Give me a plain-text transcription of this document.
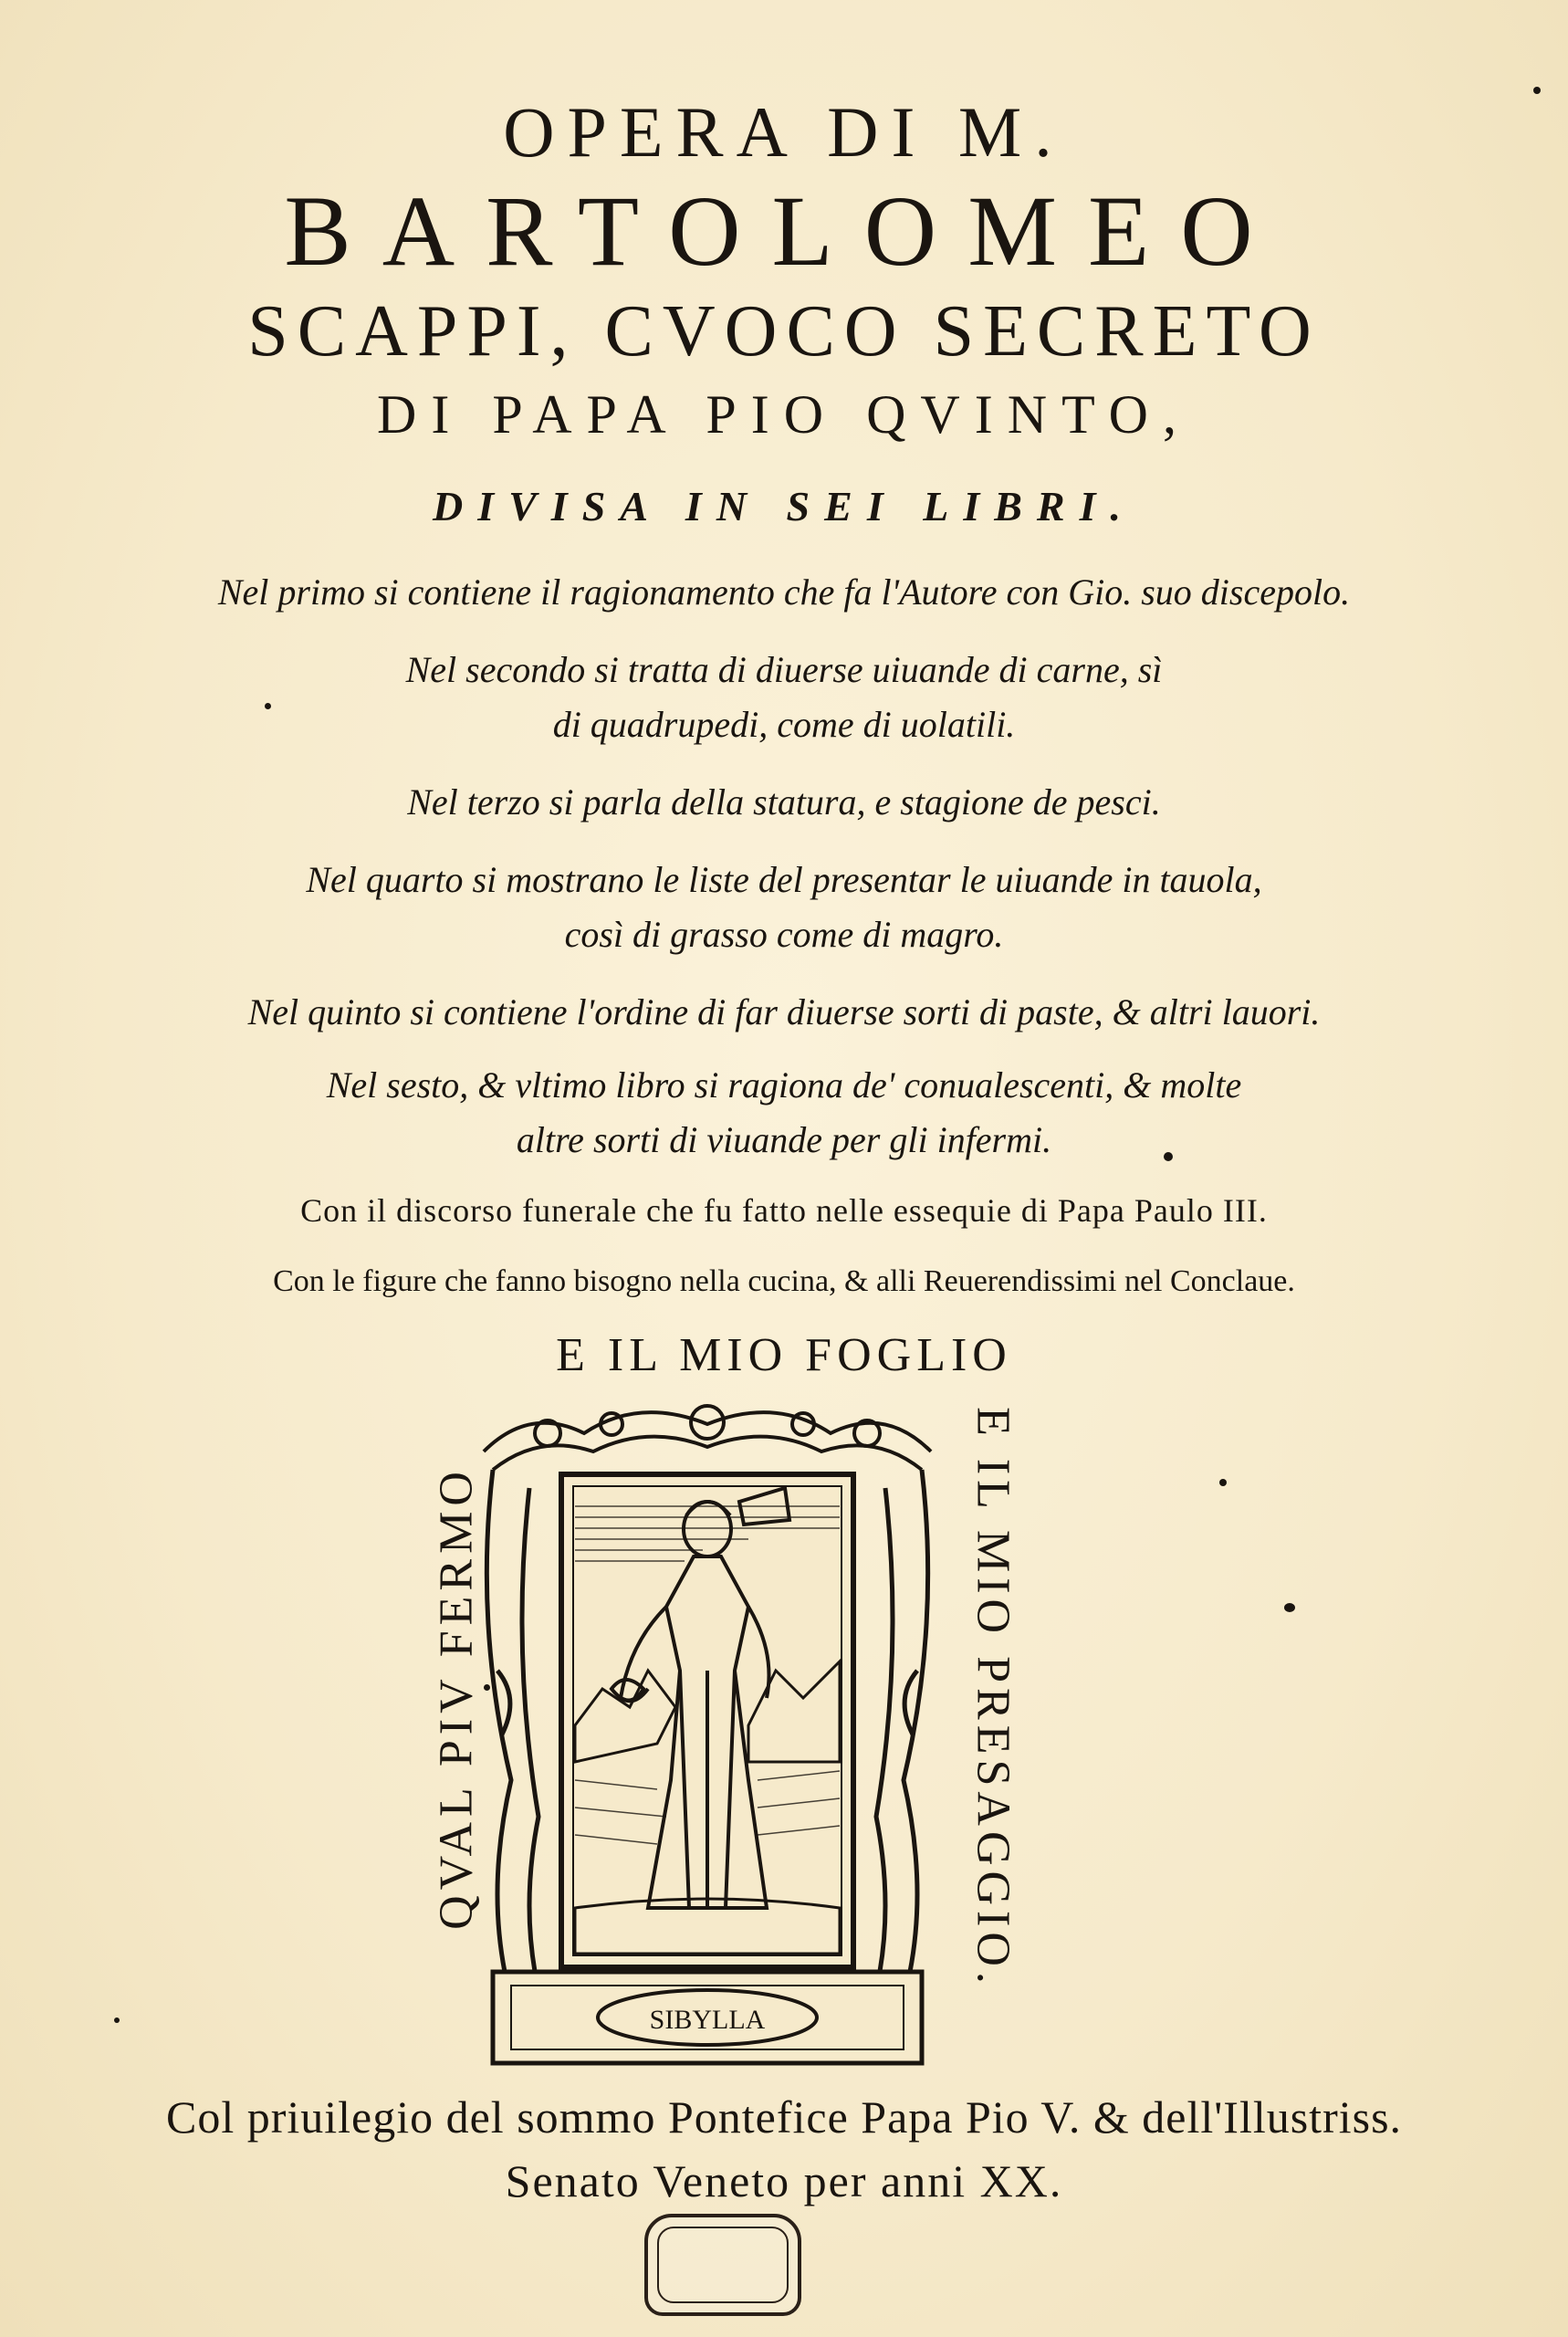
OPERA DI M.
BARTOLOMEO
SCAPPI, CVOCO SECRETO
DI PAPA PIO QVINTO,
DIVISA IN SEI LIBRI.
Nel primo si contiene il ragionamento che fa l'Autore con Gio. suo discepolo.
Nel secondo si tratta di diuerse uiuande di carne, sì
di quadrupedi, come di uolatili.
Nel terzo si parla della statura, e stagione de pesci.
Nel quarto si mostrano le liste del presentar le uiuande in tauola,
così di grasso come di magro.
Nel quinto si contiene l'ordine di far diuerse sorti di paste, & altri lauori.
Nel sesto, & vltimo libro si ragiona de' conualescenti, & molte
altre sorti di viuande per gli infermi.
Con il discorso funerale che fu fatto nelle essequie di Papa Paulo III.
Con le figure che fanno bisogno nella cucina, & alli Reuerendissimi nel Conclaue.
E IL MIO FOGLIO
QVAL PIV FERMO	E IL MIO PRESAGGIO.
SIBYLLA
Col priuilegio del sommo Pontefice Papa Pio V. & dell'Illustriss.
Senato Veneto per anni XX.
